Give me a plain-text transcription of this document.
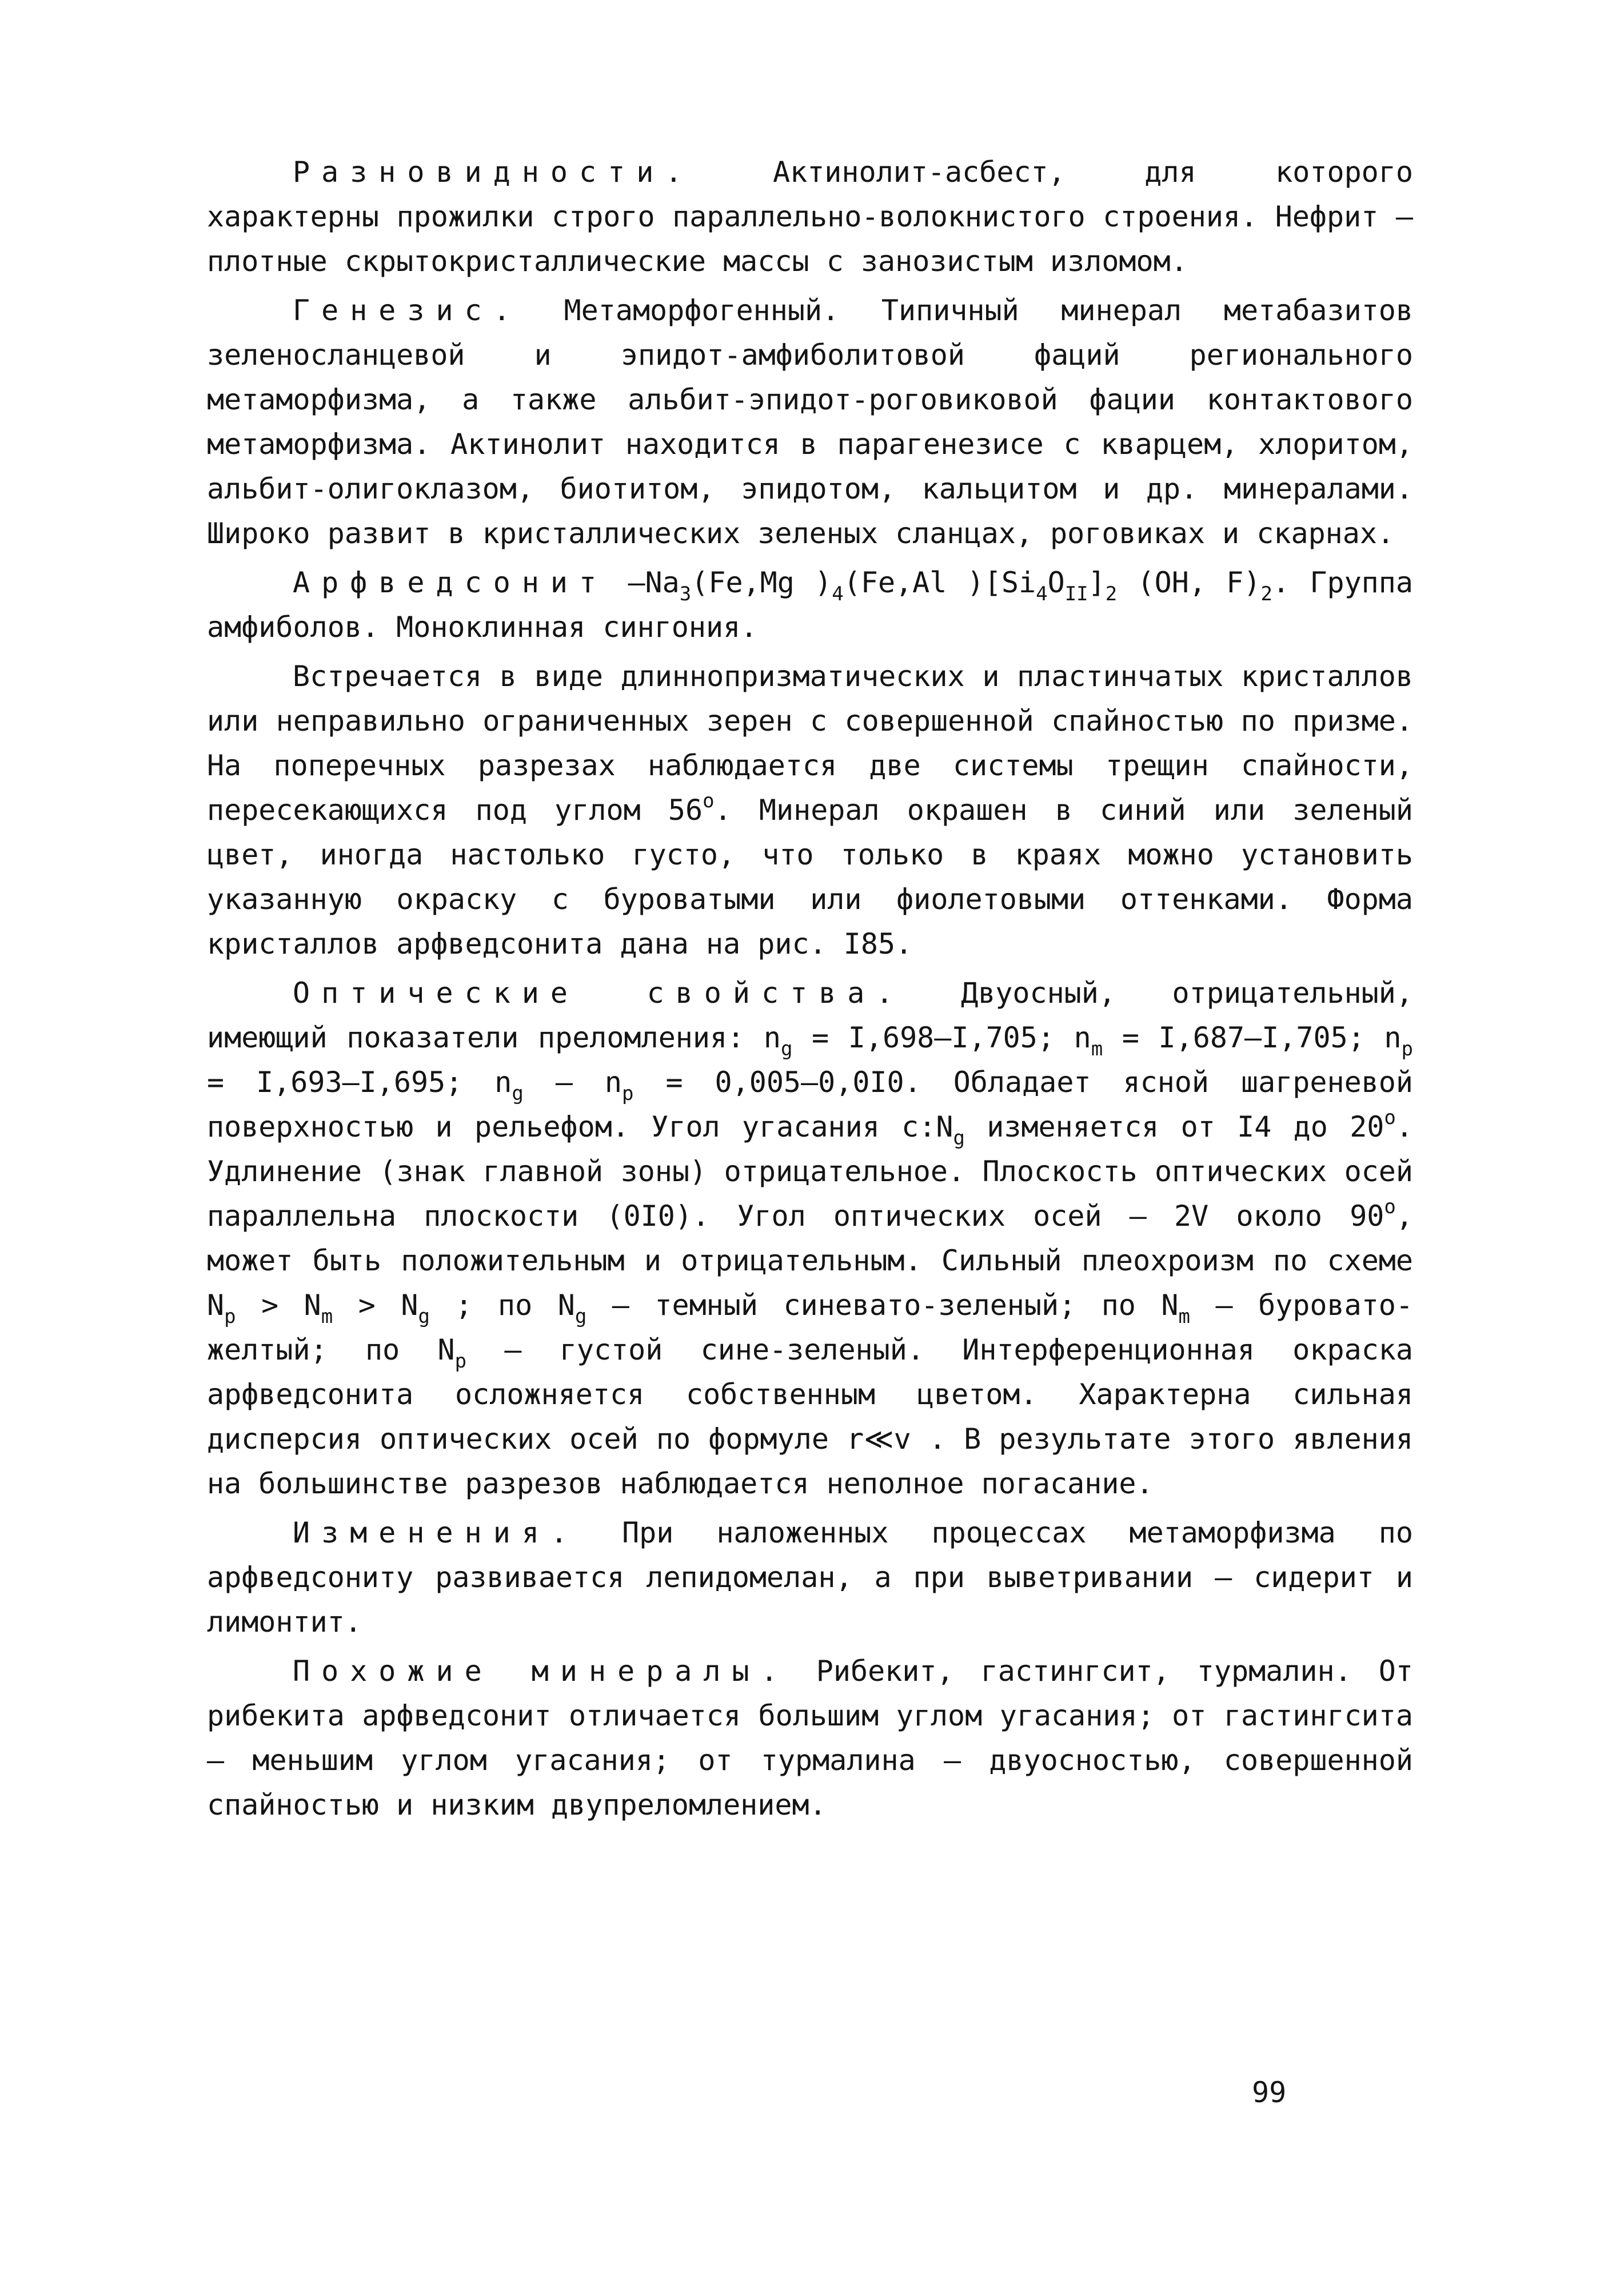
Разновидности. Актинолит-асбест, для которого характерны прожилки строго параллельно-волокнистого строения. Нефрит – плотные скрытокристаллические массы с занозистым изломом.

Генезис. Метаморфогенный. Типичный минерал метабазитов зеленосланцевой и эпидот-амфиболитовой фаций регионального метаморфизма, а также альбит-эпидот-роговиковой фации контактового метаморфизма. Актинолит находится в парагенезисе с кварцем, хлоритом, альбит-олигоклазом, биотитом, эпидотом, кальцитом и др. минералами. Широко развит в кристаллических зеленых сланцах, роговиках и скарнах.

Арфведсонит $-Na_3(Fe,Mg$ )$_4(Fe,Al$ )$[Si_4O_{II}]_2$ (OH, $F)_2$. Группа амфиболов. Моноклинная сингония.

Встречается в виде длиннопризматических и пластинчатых кристаллов или неправильно ограниченных зерен с совершенной спайностью по призме. На поперечных разрезах наблюдается две системы трещин спайности, пересекающихся под углом 56$^o$. Минерал окрашен в синий или зеленый цвет, иногда настолько густо, что только в краях можно установить указанную окраску с буроватыми или фиолетовыми оттенками. Форма кристаллов арфведсонита дана на рис. I85.

Оптические свойства. Двуосный, отрицательный, имеющий показатели преломления: $n_g = I,698-I,705$; $n_m = I,687-I,705$; $n_p = I,693-I,695$; $n_g - n_p = 0,005-0,0I0$. Обладает ясной шагреневой поверхностью и рельефом. Угол угасания $c:N_g$ изменяется от I4 до 20$^o$. Удлинение (знак главной зоны) отрицательное. Плоскость оптических осей параллельна плоскости (0I0). Угол оптических осей – 2V около 90$^o$, может быть положительным и отрицательным. Сильный плеохроизм по схеме $N_p > N_m > N_g$ ; по $N_g$ – темный синевато-зеленый; по $N_m$ – буровато-желтый; по $N_p$ – густой сине-зеленый. Интерференционная окраска арфведсонита осложняется собственным цветом. Характерна сильная дисперсия оптических осей по формуле r≪v . В результате этого явления на большинстве разрезов наблюдается неполное погасание.

Изменения. При наложенных процессах метаморфизма по арфведсониту развивается лепидомелан, а при выветривании – сидерит и лимонтит.

Похожие минералы. Рибекит, гастингсит, турмалин. От рибекита арфведсонит отличается большим углом угасания; от гастингсита – меньшим углом угасания; от турмалина – двуосностью, совершенной спайностью и низким двупреломлением.

99
